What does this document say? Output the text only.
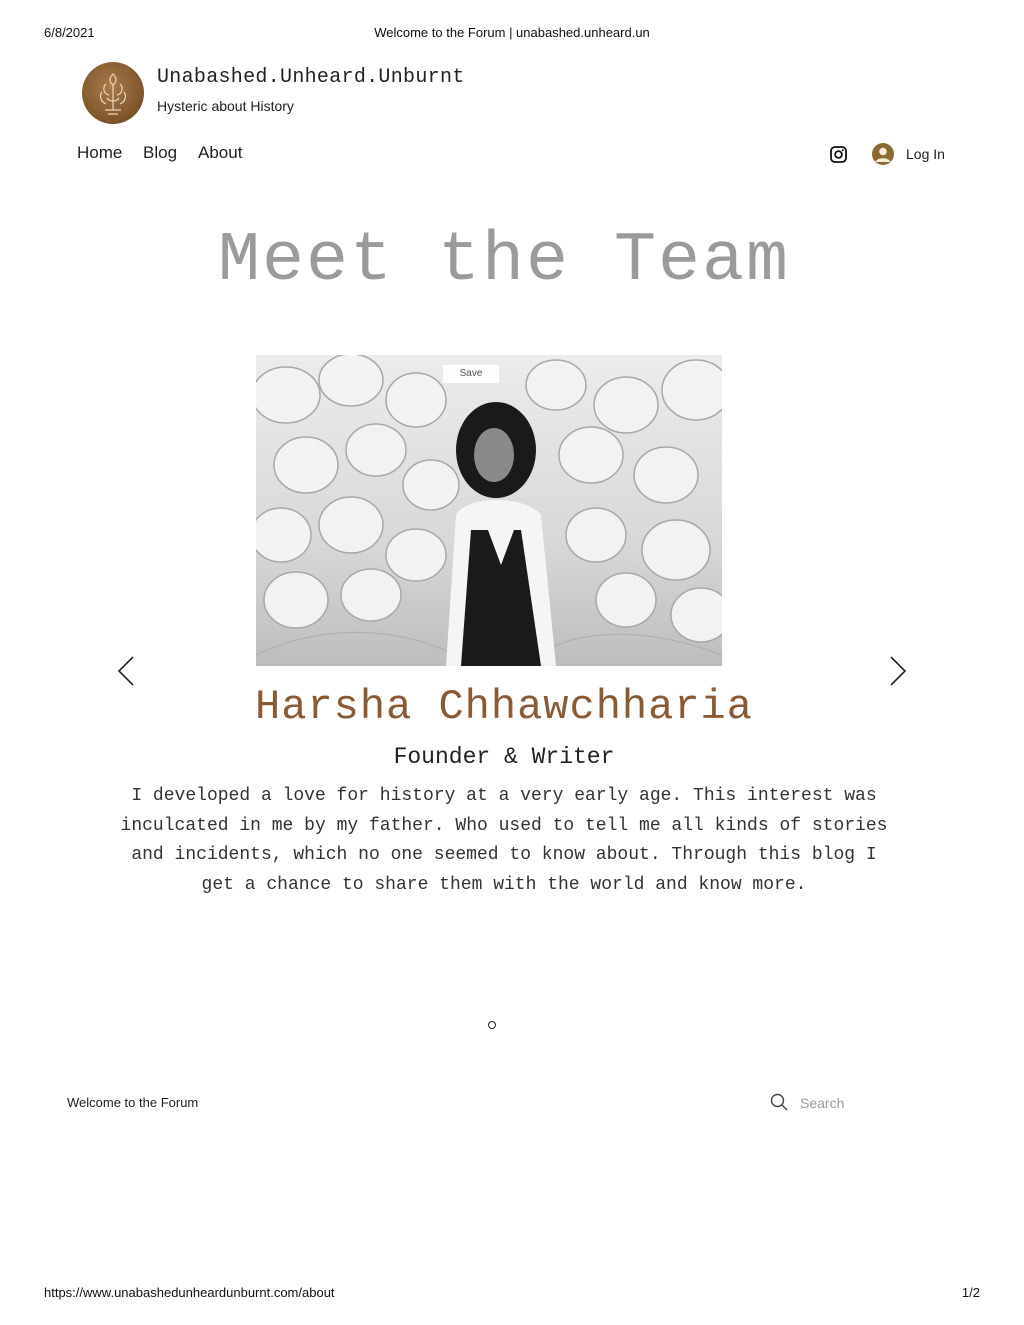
6/8/2021	Welcome to the Forum | unabashed.unheard.un
Unabashed.Unheard.Unburnt
Hysteric about History
Home Blog About	Log In
Meet the Team
Save
Harsha Chhawchharia
Founder & Writer
I developed a love for history at a very early age. This interest was inculcated in me by my father. Who used to tell me all kinds of stories and incidents, which no one seemed to know about. Through this blog I get a chance to share them with the world and know more.
Welcome to the Forum
Search
https://www.unabashedunheardunburnt.com/about	1/2
